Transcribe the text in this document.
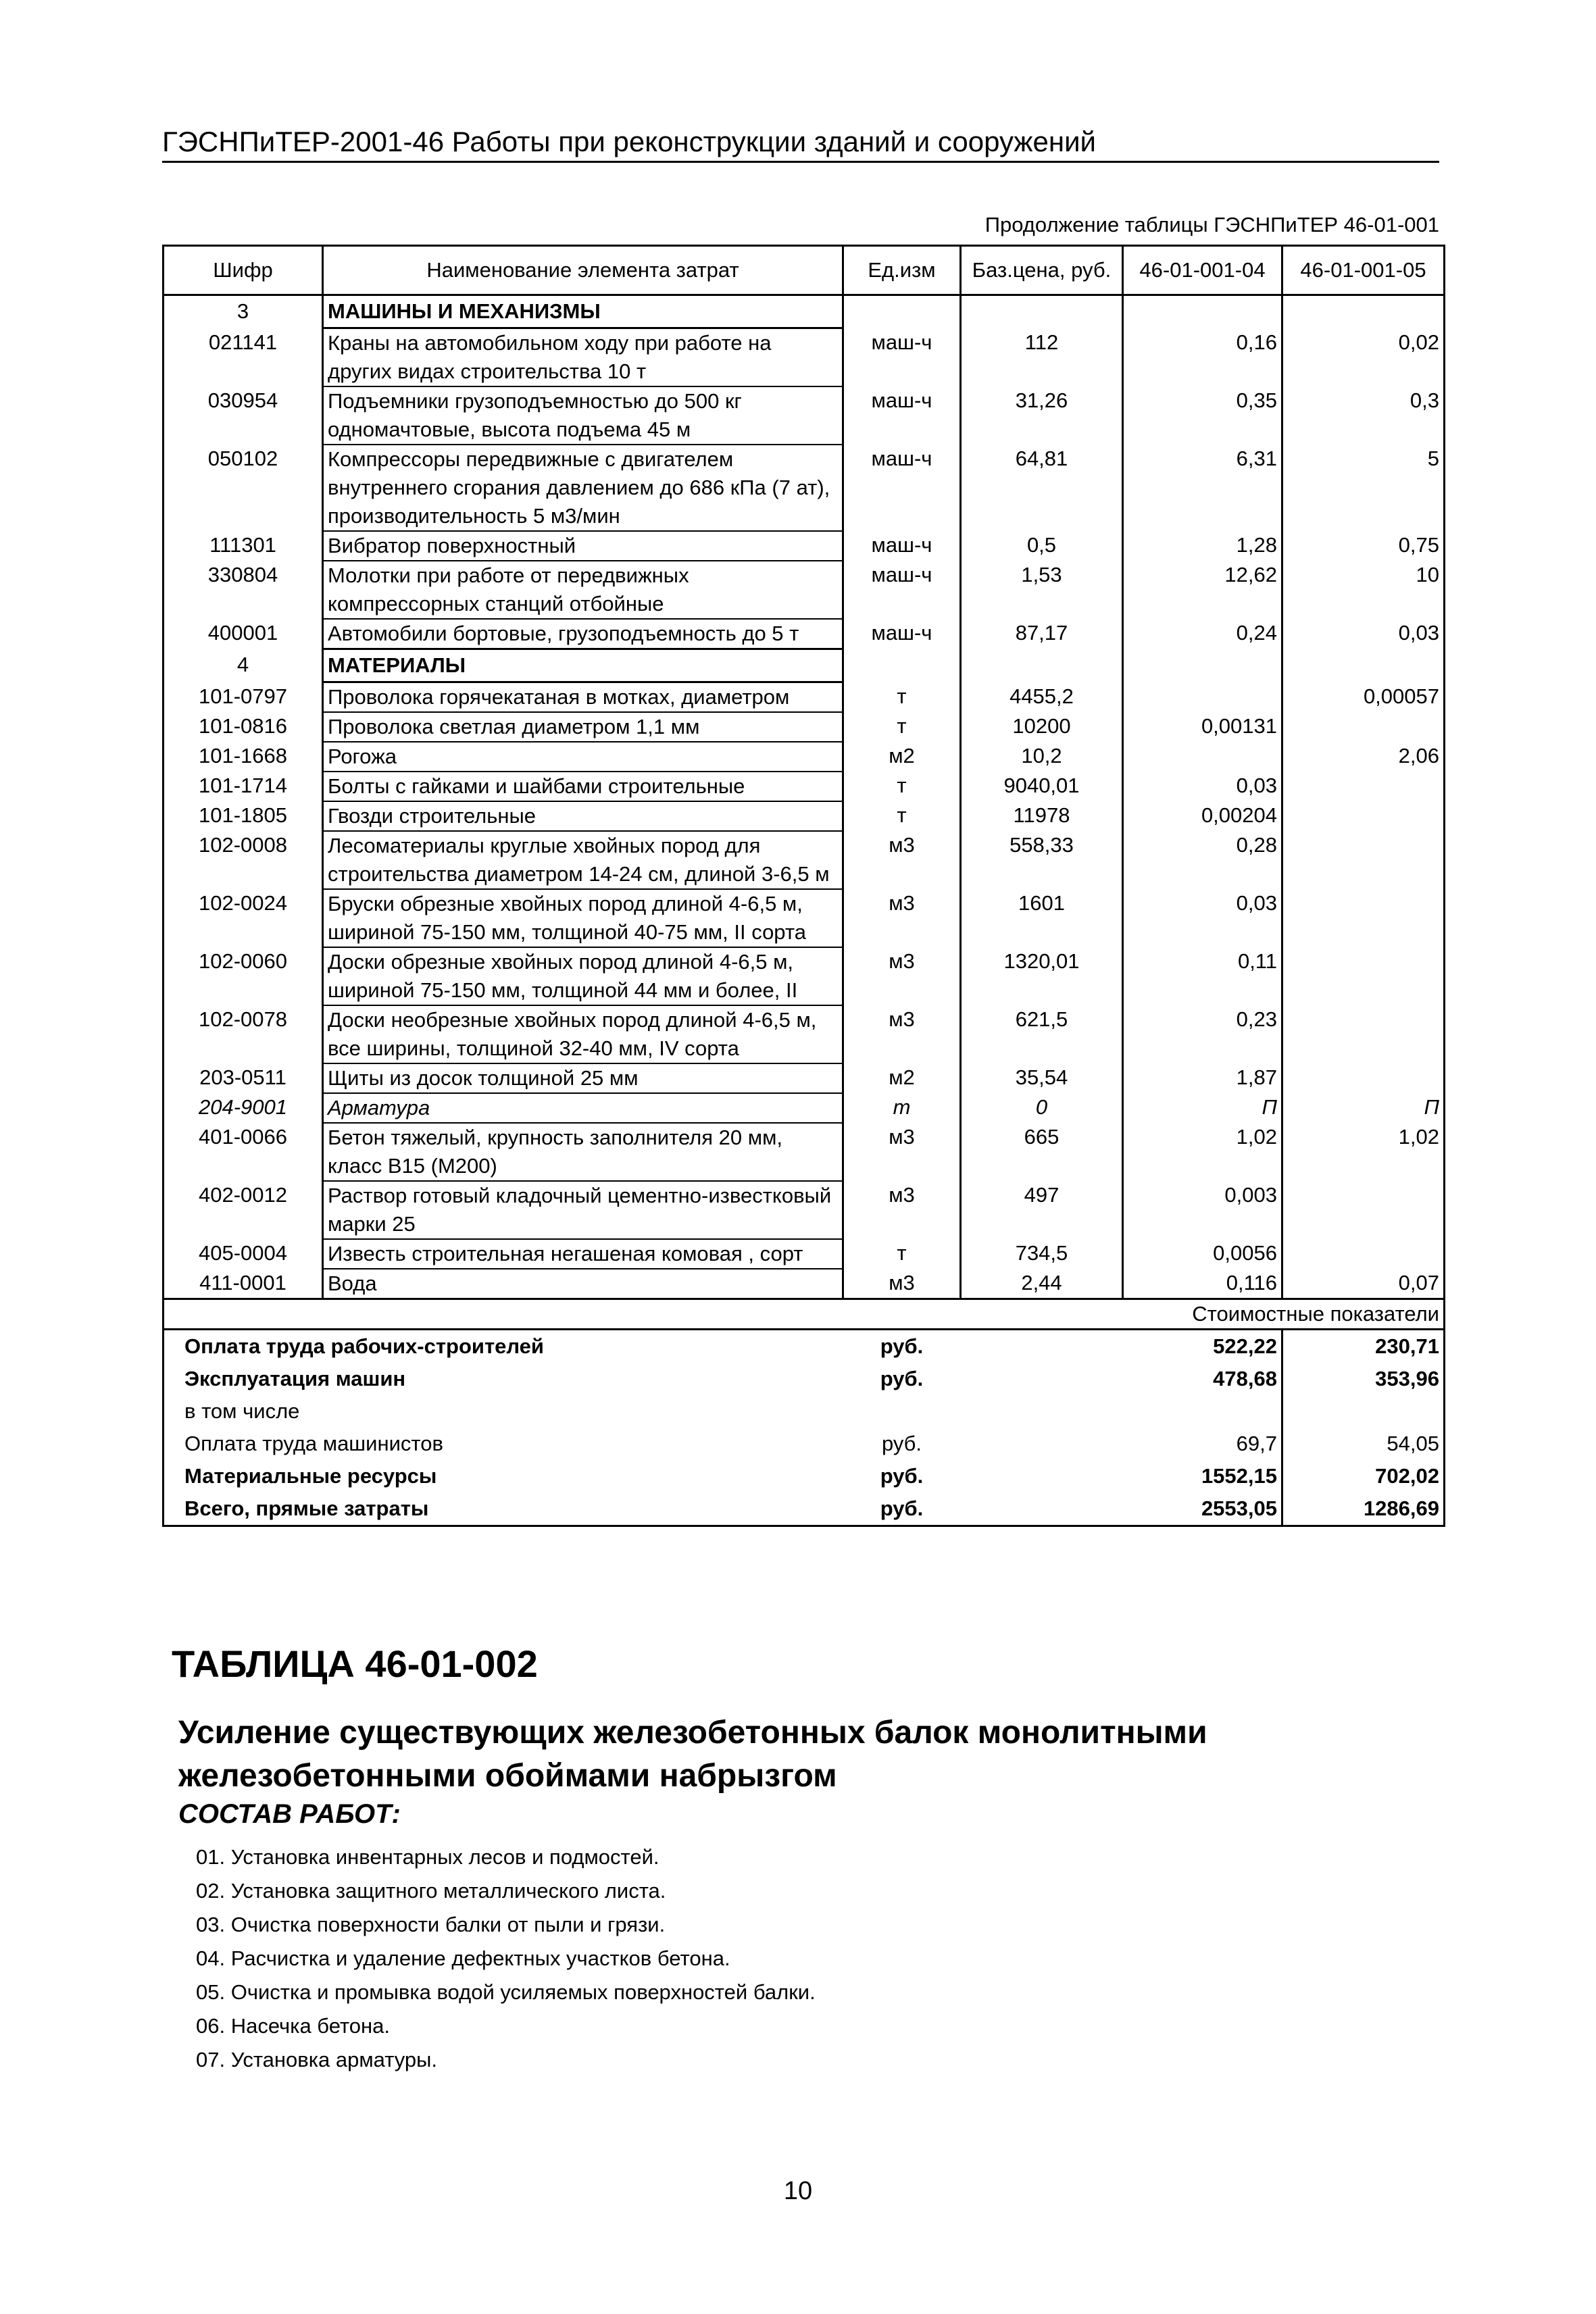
ГЭСНПиТЕР-2001-46 Работы при реконструкции зданий и сооружений
Продолжение таблицы ГЭСНПиТЕР 46-01-001
Шифр	Наименование элемента затрат	Ед.изм	Баз.цена, руб.	46-01-001-04	46-01-001-05
3	МАШИНЫ И МЕХАНИЗМЫ				
021141	Краны на автомобильном ходу при работе на других видах строительства 10 т	маш-ч	112	0,16	0,02
030954	Подъемники грузоподъемностью до 500 кг одномачтовые, высота подъема 45 м	маш-ч	31,26	0,35	0,3
050102	Компрессоры передвижные с двигателем внутреннего сгорания давлением до 686 кПа (7 ат), производительность 5 м3/мин	маш-ч	64,81	6,31	5
111301	Вибратор поверхностный	маш-ч	0,5	1,28	0,75
330804	Молотки при работе от передвижных компрессорных станций отбойные	маш-ч	1,53	12,62	10
400001	Автомобили бортовые, грузоподъемность до 5 т	маш-ч	87,17	0,24	0,03
4	МАТЕРИАЛЫ				
101-0797	Проволока горячекатаная в мотках, диаметром	т	4455,2		0,00057
101-0816	Проволока светлая диаметром 1,1 мм	т	10200	0,00131	
101-1668	Рогожа	м2	10,2		2,06
101-1714	Болты с гайками и шайбами строительные	т	9040,01	0,03	
101-1805	Гвозди строительные	т	11978	0,00204	
102-0008	Лесоматериалы круглые хвойных пород для строительства диаметром 14-24 см, длиной 3-6,5 м	м3	558,33	0,28	
102-0024	Бруски обрезные хвойных пород длиной 4-6,5 м, шириной 75-150 мм, толщиной 40-75 мм, II сорта	м3	1601	0,03	
102-0060	Доски обрезные хвойных пород длиной 4-6,5 м, шириной 75-150 мм, толщиной 44 мм и более, II	м3	1320,01	0,11	
102-0078	Доски необрезные хвойных пород длиной 4-6,5 м, все ширины, толщиной 32-40 мм, IV сорта	м3	621,5	0,23	
203-0511	Щиты из досок толщиной 25 мм	м2	35,54	1,87	
204-9001	Арматура	т	0	П	П
401-0066	Бетон тяжелый, крупность заполнителя 20 мм, класс В15 (М200)	м3	665	1,02	1,02
402-0012	Раствор готовый кладочный цементно-известковый марки 25	м3	497	0,003	
405-0004	Известь строительная негашеная комовая , сорт	т	734,5	0,0056	
411-0001	Вода	м3	2,44	0,116	0,07
Стоимостные показатели					
Оплата труда рабочих-строителей		руб.		522,22	230,71
Эксплуатация машин		руб.		478,68	353,96
в том числе					
Оплата труда машинистов		руб.		69,7	54,05
Материальные ресурсы		руб.		1552,15	702,02
Всего, прямые затраты		руб.		2553,05	1286,69
ТАБЛИЦА 46-01-002
Усиление существующих железобетонных балок монолитными железобетонными обоймами набрызгом
СОСТАВ РАБОТ:
01. Установка инвентарных лесов и подмостей.
02. Установка защитного металлического листа.
03. Очистка поверхности балки от пыли и грязи.
04. Расчистка и удаление дефектных участков бетона.
05. Очистка и промывка водой усиляемых поверхностей балки.
06. Насечка бетона.
07. Установка арматуры.
10
